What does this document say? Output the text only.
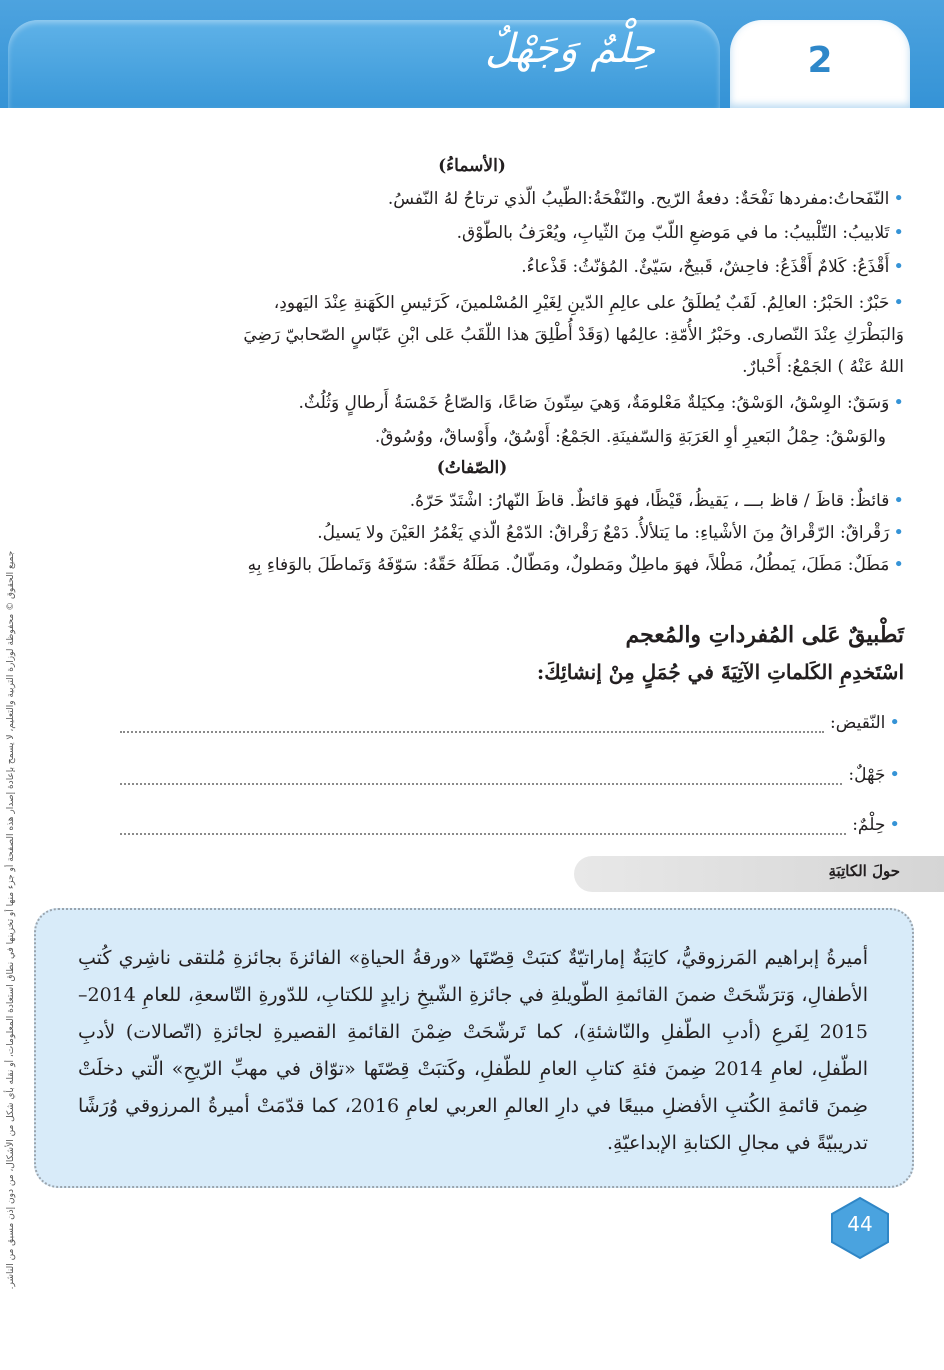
حِلْمٌ وَجَهْلٌ	2
جميع الحقوق © محفوظة لوزارة التربية والتعليم، لا يسمح بإعادة إصدار هذه الصفحة أو جزء منها أو تخزينها في نطاق استعادة المعلومات، أو نقله بأي شكل من الأشكال، من دون إذن مسبق من الناشر.
(الأسماءُ)
•النّفَحاتُ:مفردها نَفْحَةٌ: دفعةُ الرّيح. والنّفْحَةُ:الطّيبُ الّذي ترتاحُ لهُ النّفسُ.
•تَلابيبُ: التّلْبيبُ: ما في مَوضعِ اللّبّ مِنَ الثّيابِ، ويُعْرَفُ بالطّوْق.
•أَقْذَعُ: كَلامٌ أَقْذَعُ: فاحِشٌ، قَبيحٌ، سَيّئٌ. المُؤنّثُ: قَذْعاءُ.
•حَبْرٌ: الحَبْرُ: العالِمُ. لَقَبٌ يُطلَقُ على عالِمِ الدّينِ لِغَيْرِ المُسْلمينَ، كَرَئيسِ الكَهَنةِ عِنْدَ اليَهودِ،
وَالبَطْرَكِ عِنْدَ النّصارى. وحَبْرُ الأُمّةِ: عالِمُها (وَقَدْ أُطْلِقَ هذا اللّقَبُ عَلى ابْنِ عَبّاسٍ الصّحابيّ رَضِيَ
اللهُ عَنْهُ ) الجَمْعُ: أَحْبارٌ.
•وَسَقٌ: الوِسْقُ، الوَسْقُ: مِكيَلةٌ مَعْلومَةٌ، وَهيَ سِتّونَ صَاعًا، وَالصّاعُ خَمْسَةُ أَرطالٍ وَثُلُثٌ.
والوَسْقُ: حِمْلُ البَعيرِ أوِ العَرَبَةِ وَالسّفينَةِ. الجَمْعُ: أَوْسُقٌ، وأَوْساقٌ، ووُسُوقٌ.
(الصّفاتُ)
•قائظٌ: قاظَ / قاظ بـــ ، يَقيظُ، قَيْظًا، فهوَ قائظٌ. قاظَ النّهارُ: اشْتَدّ حَرّهُ.
•رَقْراقٌ: الرّقْراقُ مِنَ الأشْياءِ: ما يَتلألأُ. دَمْعٌ رَقْراقٌ: الدّمْعُ الّذي يَغْمُرُ العَيْنَ ولا يَسيلُ.
•مَطَلٌ: مَطَلَ، يَمطُلُ، مَطْلاً، فهوَ ماطِلٌ ومَطولٌ، ومَطّالٌ. مَطَلَهُ حَقّهُ: سَوّفَهُ وَتَماطَلَ بالوَفاءِ بِهِ
تَطْبيقٌ عَلى المُفرداتِ والمُعجم
اسْتَخدِمِ الكَلماتِ الآتِيَةَ في جُمَلٍ مِنْ إنشائِكَ:
•
النّقيض:
•
جَهْلٌ:
•
حِلْمٌ:
حولَ الكاتِبَةِ
أميرةُ إبراهيم المَرزوقيُّ، كاتِبَةٌ إماراتيّةٌ كتبَتْ قِصّتَها «ورقةُ الحياةِ» الفائزةَ بجائزةِ مُلتقى ناشِري كُتبِ الأطفالِ، وَترَشّحَتْ ضمنَ القائمةِ الطّويلةِ في جائزةِ الشّيخِ زايدٍ للكتابِ، للدّورةِ التّاسعةِ، للعامِ 2014–2015 لِفَرعِ (أدبِ الطّفلِ والنّاشئةِ)، كما تَرشّحَتْ ضِمْنَ القائمةِ القصيرةِ لجائزةِ (اتّصالات) لأدبِ الطّفلِ، لعامِ 2014 ضِمنَ فئةِ كتابِ العامِ للطّفلِ، وكَتبَتْ قِصّتَها «توّاق في مهبِّ الرّيحِ» الّتي دخلَتْ ضِمنَ قائمةِ الكُتبِ الأفضلِ مبيعًا في دارِ العالمِ العربي لعامِ 2016، كما قدّمَتْ أميرةُ المرزوقي وُرَشًا تدريبيّةً في مجالِ الكتابةِ الإبداعيّةِ.
44
